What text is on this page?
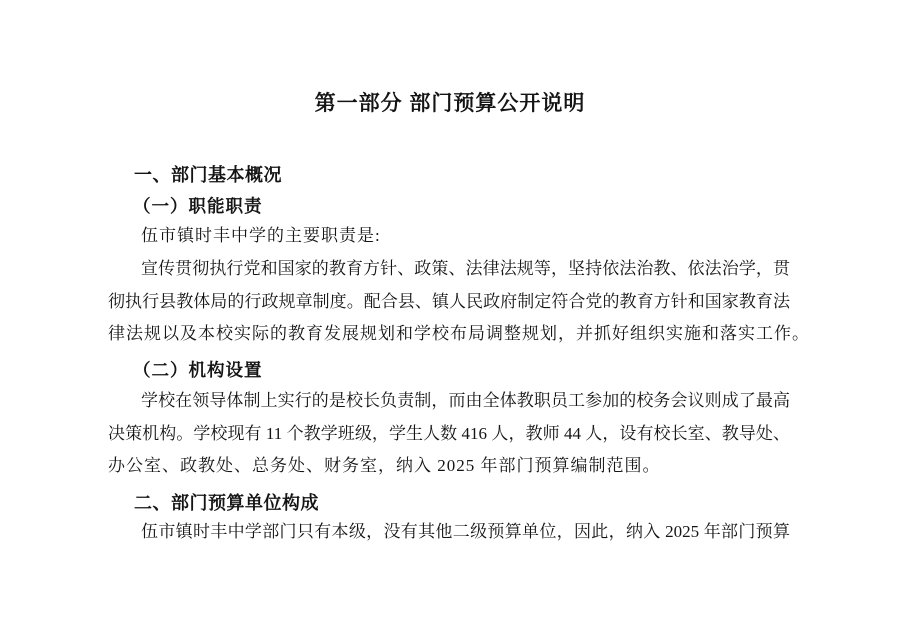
第一部分 部门预算公开说明
一、部门基本概况
（一）职能职责
伍市镇时丰中学的主要职责是:
宣传贯彻执行党和国家的教育方针、政策、法律法规等，坚持依法治教、依法治学，贯
彻执行县教体局的行政规章制度。配合县、镇人民政府制定符合党的教育方针和国家教育法
律法规以及本校实际的教育发展规划和学校布局调整规划，并抓好组织实施和落实工作。
（二）机构设置
学校在领导体制上实行的是校长负责制，而由全体教职员工参加的校务会议则成了最高
决策机构。学校现有 11 个教学班级，学生人数 416 人，教师 44 人，设有校长室、教导处、
办公室、政教处、总务处、财务室，纳入 2025 年部门预算编制范围。
二、部门预算单位构成
伍市镇时丰中学部门只有本级，没有其他二级预算单位，因此，纳入 2025 年部门预算
